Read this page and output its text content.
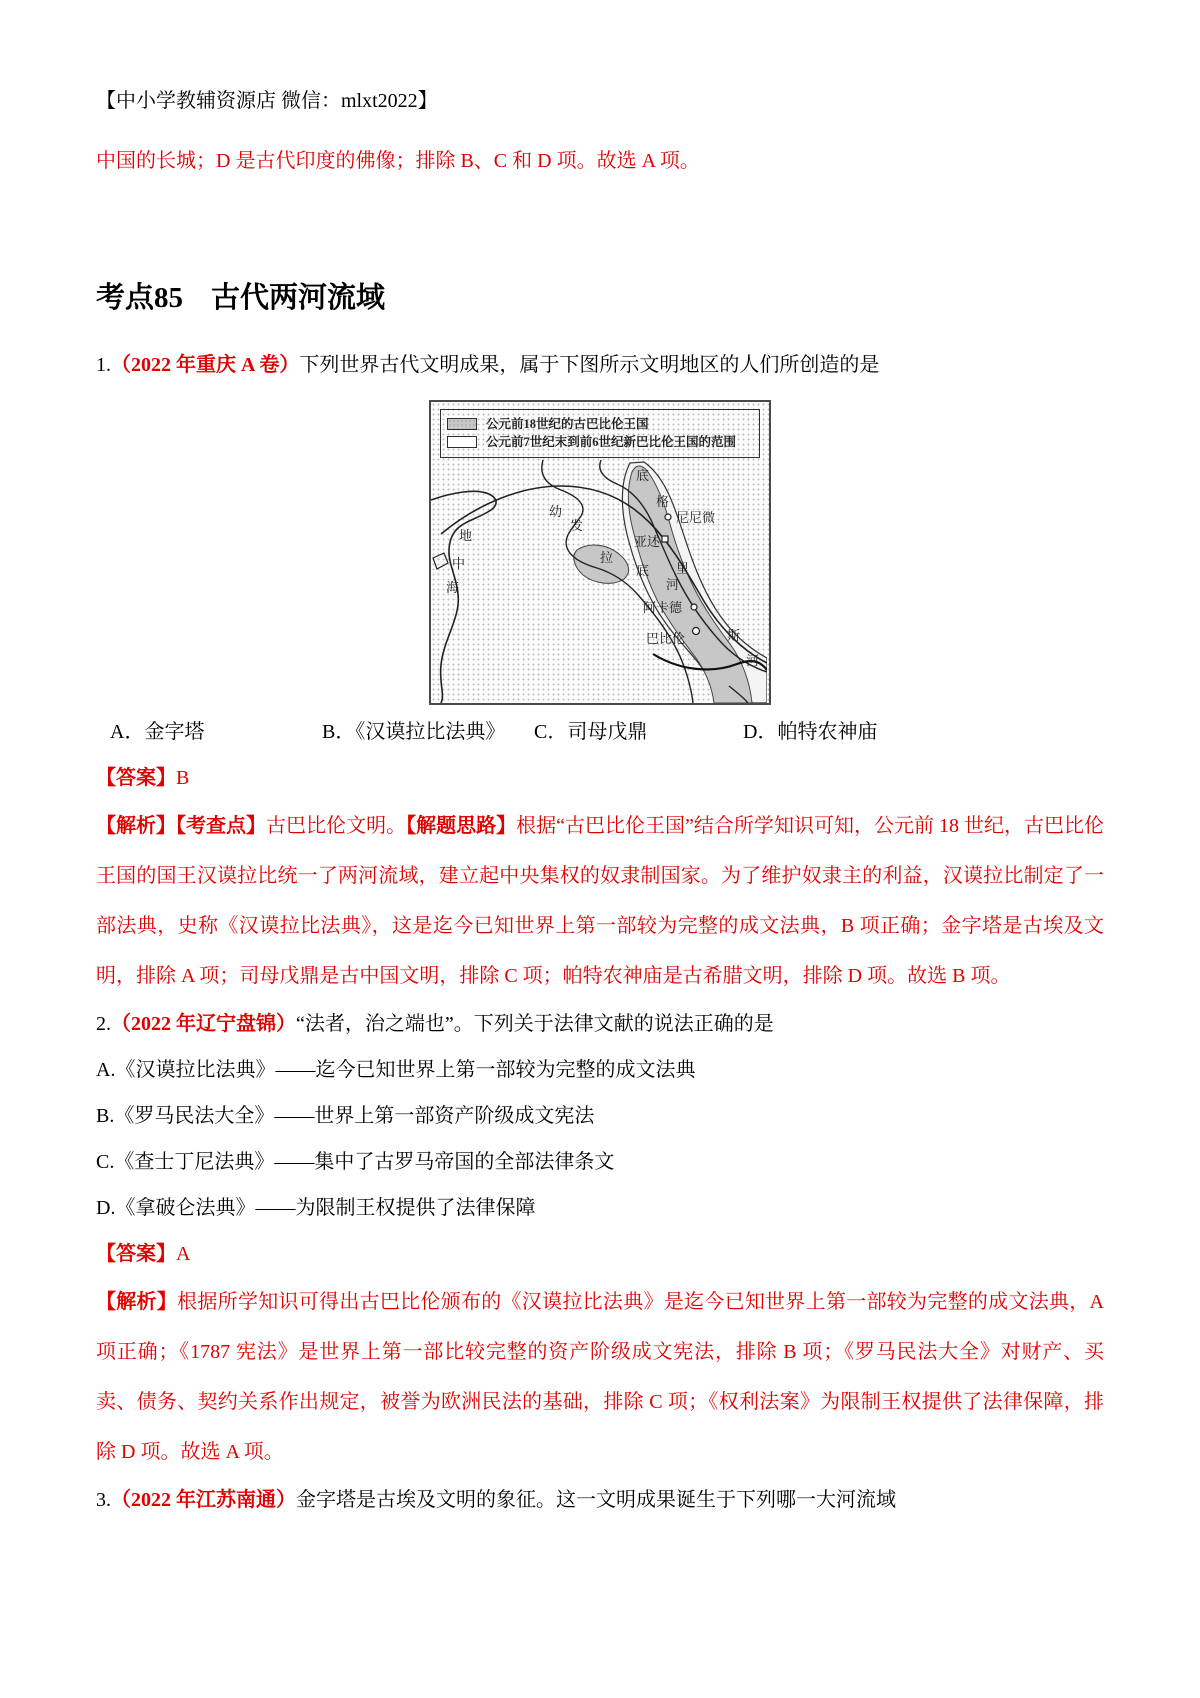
【中小学教辅资源店 微信：mlxt2022】

中国的长城；D 是古代印度的佛像；排除 B、C 和 D 项。故选 A 项。

考点85 古代两河流域

1.（2022 年重庆 A 卷）下列世界古代文明成果，属于下图所示文明地区的人们所创造的是

公元前18世纪的古巴比伦王国
公元前7世纪末到前6世纪新巴比伦王国的范围
地
中
海
幼
发
拉
底
河
底
格
里
斯
河
尼尼微
亚述
阿卡德
巴比伦

A．金字塔	B．《汉谟拉比法典》 C．司母戊鼎	D．帕特农神庙

【答案】B

【解析】【考查点】古巴比伦文明。【解题思路】根据“古巴比伦王国”结合所学知识可知，公元前 18 世纪，古巴比伦王国的国王汉谟拉比统一了两河流域，建立起中央集权的奴隶制国家。为了维护奴隶主的利益，汉谟拉比制定了一部法典，史称《汉谟拉比法典》，这是迄今已知世界上第一部较为完整的成文法典，B 项正确；金字塔是古埃及文明，排除 A 项；司母戊鼎是古中国文明，排除 C 项；帕特农神庙是古希腊文明，排除 D 项。故选 B 项。

2.（2022 年辽宁盘锦）“法者，治之端也”。下列关于法律文献的说法正确的是

A.《汉谟拉比法典》——迄今已知世界上第一部较为完整的成文法典

B.《罗马民法大全》——世界上第一部资产阶级成文宪法

C.《查士丁尼法典》——集中了古罗马帝国的全部法律条文

D.《拿破仑法典》——为限制王权提供了法律保障

【答案】A

【解析】根据所学知识可得出古巴比伦颁布的《汉谟拉比法典》是迄今已知世界上第一部较为完整的成文法典，A 项正确；《1787 宪法》是世界上第一部比较完整的资产阶级成文宪法，排除 B 项；《罗马民法大全》对财产、买卖、债务、契约关系作出规定，被誉为欧洲民法的基础，排除 C 项；《权利法案》为限制王权提供了法律保障，排除 D 项。故选 A 项。

3.（2022 年江苏南通）金字塔是古埃及文明的象征。这一文明成果诞生于下列哪一大河流域
